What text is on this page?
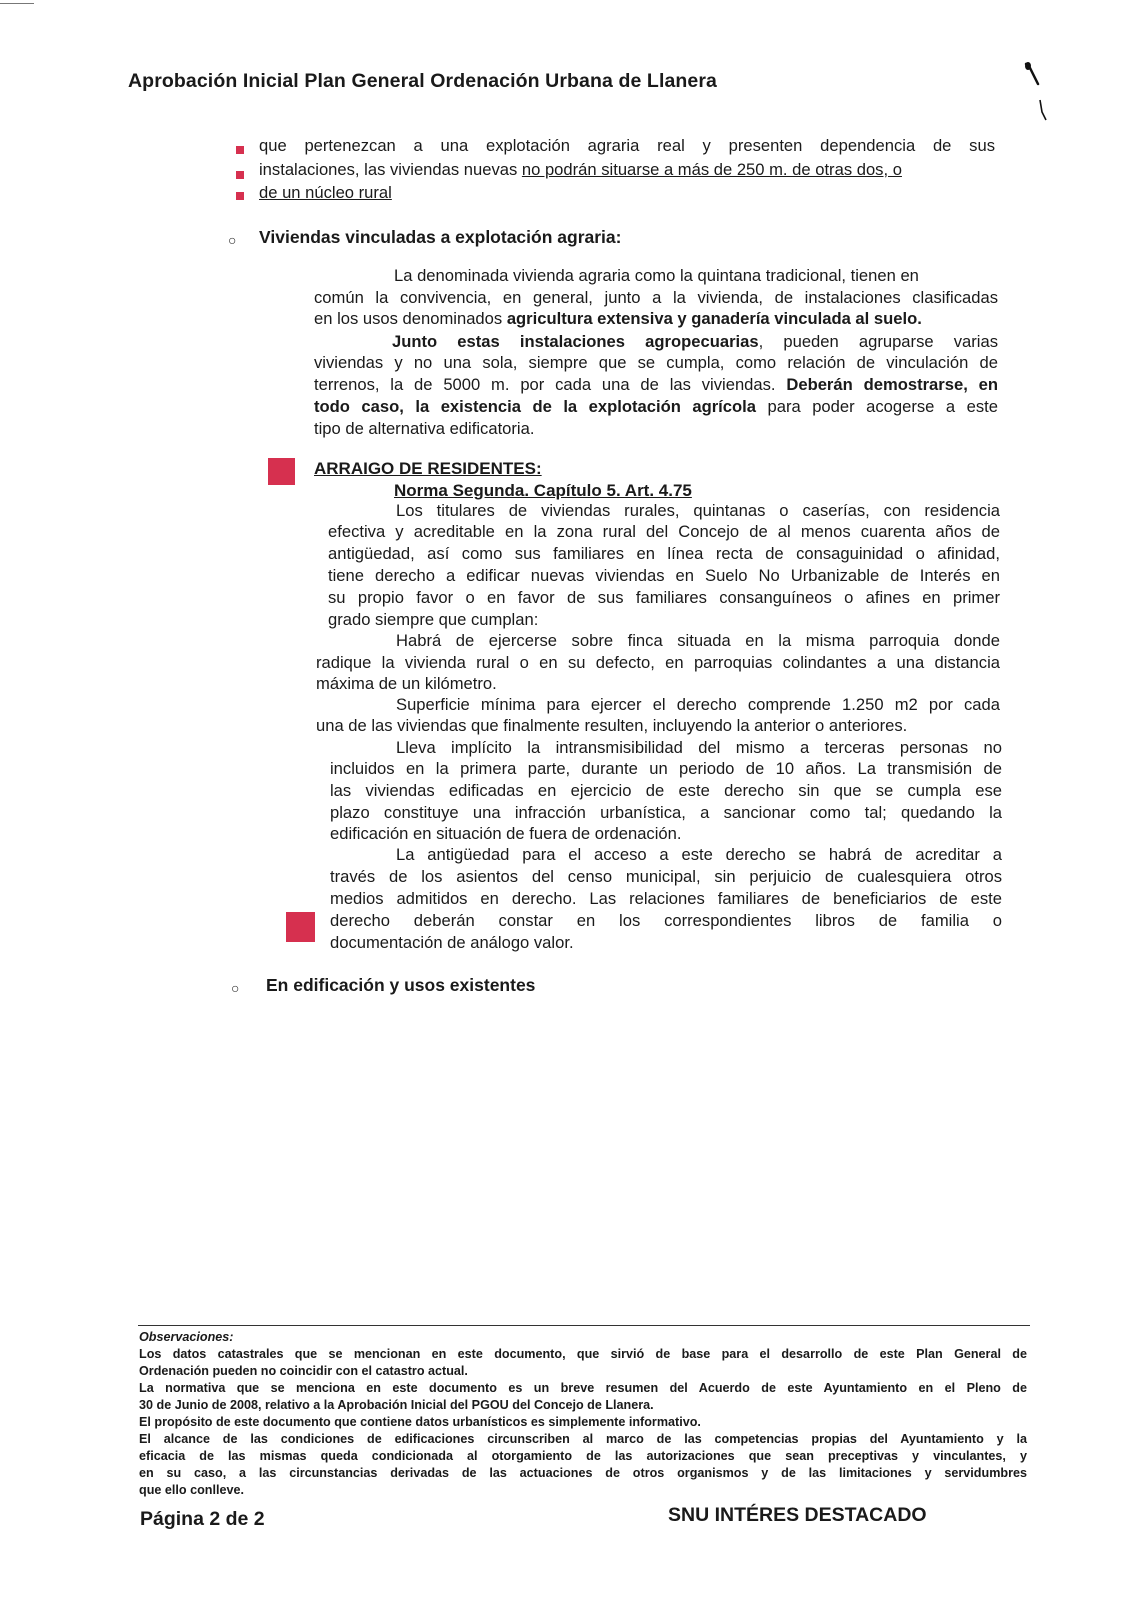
Aprobación Inicial Plan General Ordenación Urbana de Llanera
que pertenezcan a una explotación agraria real y presenten dependencia de sus
instalaciones, las viviendas nuevas no podrán situarse a más de 250 m. de otras dos, o
de un núcleo rural
○ Viviendas vinculadas a explotación agraria:
La denominada vivienda agraria como la quintana tradicional, tienen en
común la convivencia, en general, junto a la vivienda, de instalaciones clasificadas
en los usos denominados agricultura extensiva y ganadería vinculada al suelo.
Junto estas instalaciones agropecuarias, pueden agruparse varias
viviendas y no una sola, siempre que se cumpla, como relación de vinculación de
terrenos, la de 5000 m. por cada una de las viviendas. Deberán demostrarse, en
todo caso, la existencia de la explotación agrícola para poder acogerse a este
tipo de alternativa edificatoria.
ARRAIGO DE RESIDENTES:
Norma Segunda. Capítulo 5. Art. 4.75
Los titulares de viviendas rurales, quintanas o caserías, con residencia
efectiva y acreditable en la zona rural del Concejo de al menos cuarenta años de
antigüedad, así como sus familiares en línea recta de consaguinidad o afinidad,
tiene derecho a edificar nuevas viviendas en Suelo No Urbanizable de Interés en
su propio favor o en favor de sus familiares consanguíneos o afines en primer
grado siempre que cumplan:
Habrá de ejercerse sobre finca situada en la misma parroquia donde
radique la vivienda rural o en su defecto, en parroquias colindantes a una distancia
máxima de un kilómetro.
Superficie mínima para ejercer el derecho comprende 1.250 m2 por cada
una de las viviendas que finalmente resulten, incluyendo la anterior o anteriores.
Lleva implícito la intransmisibilidad del mismo a terceras personas no
incluidos en la primera parte, durante un periodo de 10 años. La transmisión de
las viviendas edificadas en ejercicio de este derecho sin que se cumpla ese
plazo constituye una infracción urbanística, a sancionar como tal; quedando la
edificación en situación de fuera de ordenación.
La antigüedad para el acceso a este derecho se habrá de acreditar a
través de los asientos del censo municipal, sin perjuicio de cualesquiera otros
medios admitidos en derecho. Las relaciones familiares de beneficiarios de este
derecho deberán constar en los correspondientes libros de familia o
documentación de análogo valor.
○ En edificación y usos existentes
Observaciones:
Los datos catastrales que se mencionan en este documento, que sirvió de base para el desarrollo de este Plan General de
Ordenación pueden no coincidir con el catastro actual.
La normativa que se menciona en este documento es un breve resumen del Acuerdo de este Ayuntamiento en el Pleno de
30 de Junio de 2008, relativo a la Aprobación Inicial del PGOU del Concejo de Llanera.
El propósito de este documento que contiene datos urbanísticos es simplemente informativo.
El alcance de las condiciones de edificaciones circunscriben al marco de las competencias propias del Ayuntamiento y la
eficacia de las mismas queda condicionada al otorgamiento de las autorizaciones que sean preceptivas y vinculantes, y
en su caso, a las circunstancias derivadas de las actuaciones de otros organismos y de las limitaciones y servidumbres
que ello conlleve.
Página 2 de 2	SNU INTÉRES DESTACADO
